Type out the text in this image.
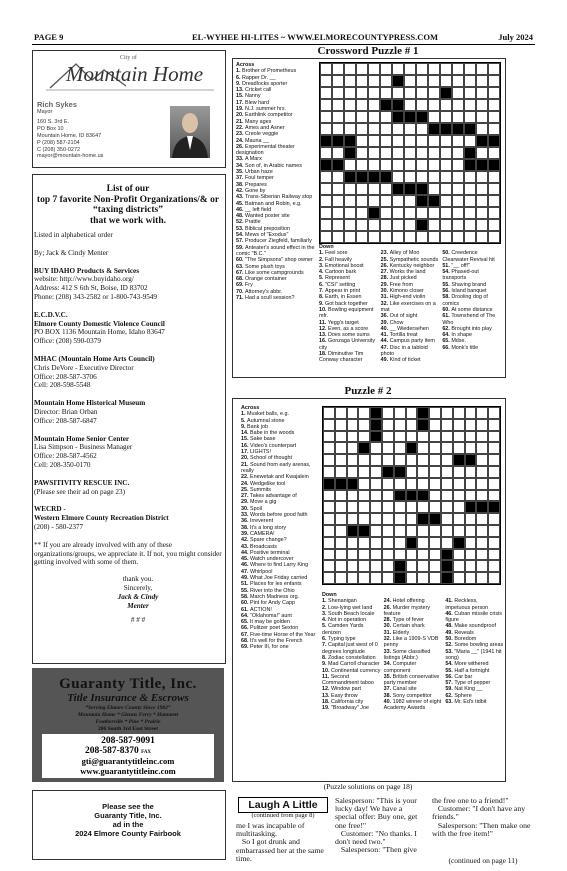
PAGE 9	EL-WYHEE HI-LITES ~ WWW.ELMORECOUNTYPRESS.COM	July 2024
City of
Mountain Home
Rich Sykes
Mayor
160 S. 3rd E.
PO Box 10
Mountain Home, ID 83647
P (208) 587-2104
C (208) 350-0272
mayor@mountain-home.us
List of our
top 7 favorite Non-Profit Organizations/& or
“taxing districts”
that we work with.
Listed in alphabetical order
By; Jack & Cindy Menter
BUY IDAHO Products & Services
website: http://www.buyidaho.org/
Address: 412 S 6th St, Boise, ID 83702
Phone: (208) 343-2582 or 1-800-743-9549
E.C.D.V.C.
Elmore County Domestic Violence Council
PO BOX 1136 Mountain Home, Idaho 83647
Office: (208) 590-0379
MHAC (Mountain Home Arts Council)
Chris DeVore - Executive Director
Office: 208-587-3706
Cell: 208-598-5548
Mountain Home Historical Museum
Director: Brian Orban
Office: 208-587-6847
Mountain Home Senior Center
Lisa Simpson - Business Manager
Office: 208-587-4562
Cell: 208-350-0170
PAWSITIVITY RESCUE INC.
(Please see their ad on page 23)
WECRD -
Western Elmore County Recreation District
(208) - 580-2377
** If you are already involved with any of these organizations/groups, we appreciate it. If not, you might consider getting involved with some of them.
thank you.
Sincerely,
Jack & Cindy
Menter
# # #
Guaranty Title, Inc.
Title Insurance & Escrows
“Serving Elmore County Since 1902”
Mountain Home * Glenns Ferry * Hammett
Featherville * Pine * Prairie
206 South 3rd East Street
208-587-9091
208-587-8370 FAX
gti@guarantytitleinc.com
www.guarantytitleinc.com
Please see the
Guaranty Title, Inc.
ad in the
2024 Elmore County Fairbook
Crossword Puzzle # 1
Across
1. Brother of Prometheus
6. Rapper Dr. __
9. Dreadlocks sporter
13. Cricket call
15. Nanny
17. Blew hard
19. N.J. summer hrs.
20. Earthlink competitor
21. Many ages
22. Ames and Asner
23. Creole veggie
24. Mauna __
26. Experimental theater designation
33. A Marx
34. Son of, in Arabic names
35. Urban haze
37. Foul temper
38. Prepares
42. Gone by
43. Trans-Siberian Railway stop
45. Batman and Robin, e.g.
46. __ left field
48. Wanted poster site
52. Prattle
53. Biblical preposition
54. Mews of "Exodus"
57. Producer Ziegfeld, familiarly
59. Anteater's sound effect in the comic "B.C."
60. "The Simpsons" shop owner
63. Some plush toys
67. Like some campgrounds
68. Orange container
69. Fry
70. Attorney's abbr.
71. Had a scull session?
Down
1. Feel sore
2. Fall heavily
3. Emotional boost
4. Cartoon bark
5. Represent
6. "CSI" setting
7. Appear in print
8. Earth, in Essen
9. Got back together
10. Bowling equipment mfr.
11. Yegg's target
12. Even, as a score
13. Does some sums
16. Gonzaga University city
18. Diminutive Tim Conway character
23. Alley of Moo
25. Sympathetic sounds
26. Kentucky neighbor
27. Works the land
28. Just picked
29. Free from
30. Kimono closer
31. High-end violin
32. Like exercises on a mat
36. Out of sight
39. Chow
40. __ Wiedersehen
41. Tortilla treat
44. Campus party item
47. Disc in a tabloid photo
49. Kind of ticket
50. Creedence Clearwater Revival hit
51. "__ off!"
54. Phased-out transports
55. Shaving brand
56. Island banquet
58. Drooling dog of comics
60. At some distance
61. Townshend of The Who
62. Brought into play
64. In shape
65. Mdse.
66. Monk's title
Puzzle # 2
Across
1. Musket balls, e.g.
5. Autumnal stone
9. Bank job
14. Babe in the woods
15. Sake base
16. Video's counterpart
17. LIGHTS!
20. School of thought
21. Sound from early arenas, really
22. Enewetak and Kwajalein
24. Wedgelike tool
25. Summits
27. Takes advantage of
29. Move a gig
30. Spoil
33. Words before good faith
36. Irreverent
38. It's a long story
39. CAMERA!
42. Spare change?
43. Broadcasts
44. Positive terminal
45. Watch undercover
46. Where to find Larry King
47. Whirlpool
49. What Joe Friday carried
51. Places for les enfants
55. River into the Ohio
58. March Madness org.
60. Pint for Andy Capp
61. ACTION!
64. "Oklahoma!" aunt
65. It may be golden
66. Pulitzer poet Sexton
67. Five-time Horse of the Year
68. It's well for the French
69. Peter III, for one
Down
1. Shenanigan
2. Low-lying wet land
3. South Beach locale
4. Not in operation
5. Camden Yards denizen
6. Typing type
7. Capital just west of 0 degrees longitude
8. Zodiac constellation
9. Mad Carroll character
10. Continental currency
11. Second Commandment taboo
12. Window part
13. Easy throw
18. California city
19. "Broadway" Joe
24. Hotel offering
26. Murder mystery feature
28. Type of fever
30. Certain shark
31. Elderly
32. Like a 1909-S VDB penny
33. Some classified listings (Abbr.)
34. Computer component
35. British conservative party member
37. Canal site
38. Sony competitor
40. 1982 winner of eight Academy Awards
41. Reckless, impetuous person
46. Cuban missile crisis figure
48. Make soundproof
49. Reveals
50. Boredom
52. Some bowling areas
53. "Maria __" (1941 hit song)
54. More withered
55. Half a fortnight
56. Car bar
57. Type of pepper
59. Nat King __
62. Sphere
63. Mr. Ed's tidbit
(Puzzle solutions on page 18)
Laugh A Little
(continued from page 8)
me I was incapable of multitasking.
So I got drunk and embarrassed her at the same time.
Salesperson: "This is your lucky day! We have a special offer: Buy one, get one free!"
Customer: "No thanks. I don't need two."
Salesperson: "Then give
the free one to a friend!"
Customer: "I don't have any friends."
Salesperson: "Then make one with the free item!"
(continued on page 11)
